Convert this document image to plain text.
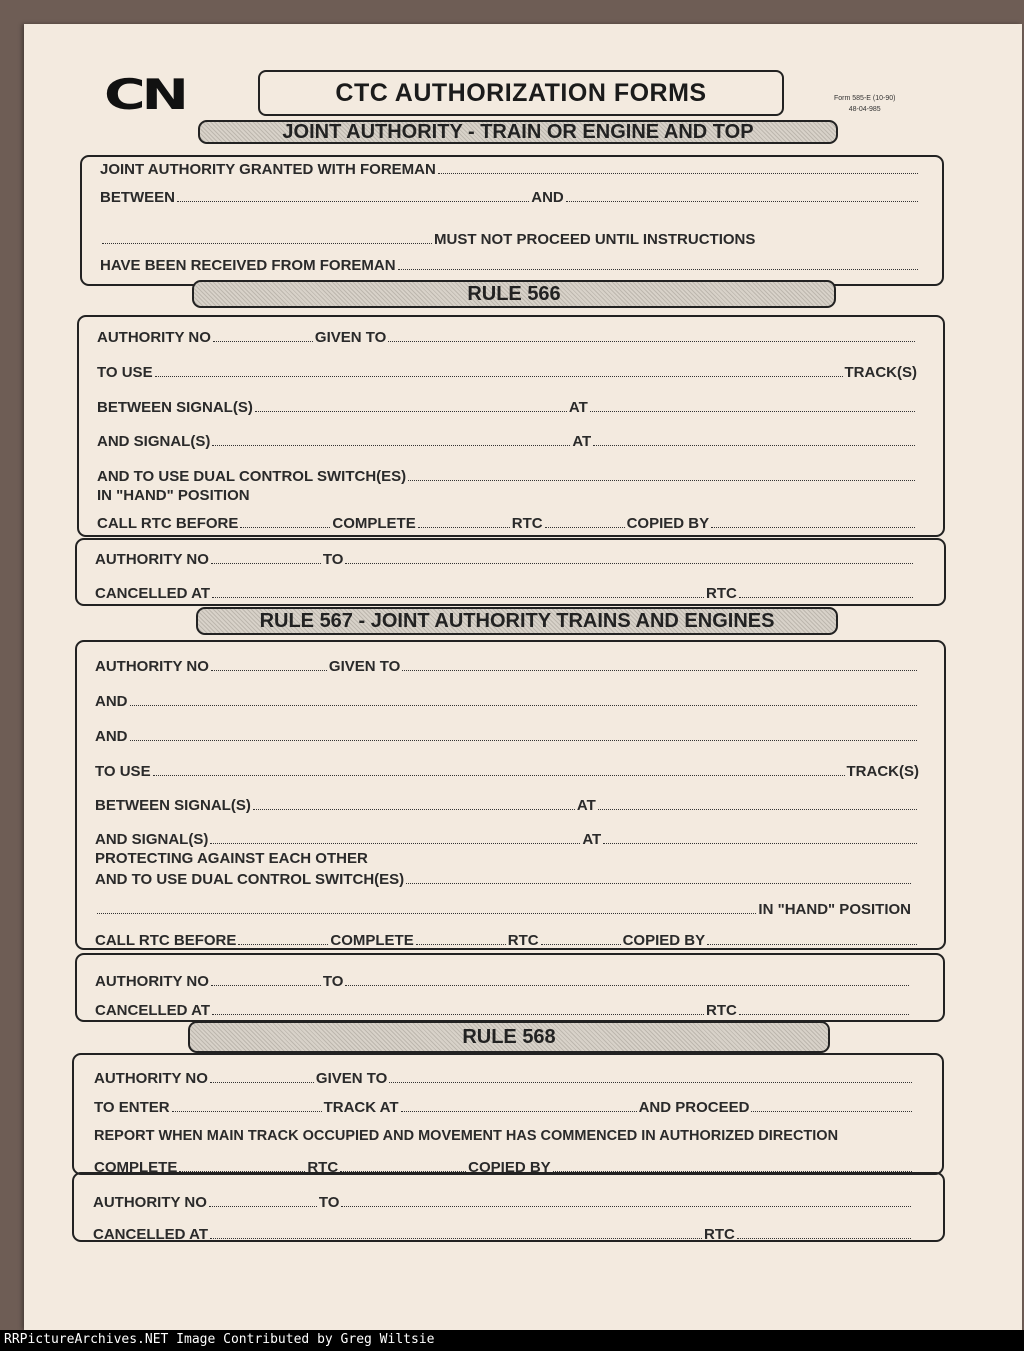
CN	CTC AUTHORIZATION FORMS	Form 585-E (10-90)
48-04-985
JOINT AUTHORITY - TRAIN OR ENGINE AND TOP
JOINT AUTHORITY GRANTED WITH FOREMAN
BETWEEN	AND
MUST NOT PROCEED UNTIL INSTRUCTIONS
HAVE BEEN RECEIVED FROM FOREMAN
RULE 566
AUTHORITY NO	GIVEN TO
TO USE	TRACK(S)
BETWEEN SIGNAL(S)	AT
AND SIGNAL(S)	AT
AND TO USE DUAL CONTROL SWITCH(ES)
IN "HAND" POSITION
CALL RTC BEFORE	COMPLETE	RTC	COPIED BY
AUTHORITY NO	TO
CANCELLED AT	RTC
RULE 567 - JOINT AUTHORITY TRAINS AND ENGINES
AUTHORITY NO	GIVEN TO
AND
AND
TO USE	TRACK(S)
BETWEEN SIGNAL(S)	AT
AND SIGNAL(S)	AT
PROTECTING AGAINST EACH OTHER
AND TO USE DUAL CONTROL SWITCH(ES)
IN "HAND" POSITION
CALL RTC BEFORE	COMPLETE	RTC	COPIED BY
AUTHORITY NO	TO
CANCELLED AT	RTC
RULE 568
AUTHORITY NO	GIVEN TO
TO ENTER	TRACK AT	AND PROCEED
REPORT WHEN MAIN TRACK OCCUPIED AND MOVEMENT HAS COMMENCED IN AUTHORIZED DIRECTION
COMPLETE	RTC	COPIED BY
AUTHORITY NO	TO
CANCELLED AT	RTC
RRPictureArchives.NET Image Contributed by Greg Wiltsie
